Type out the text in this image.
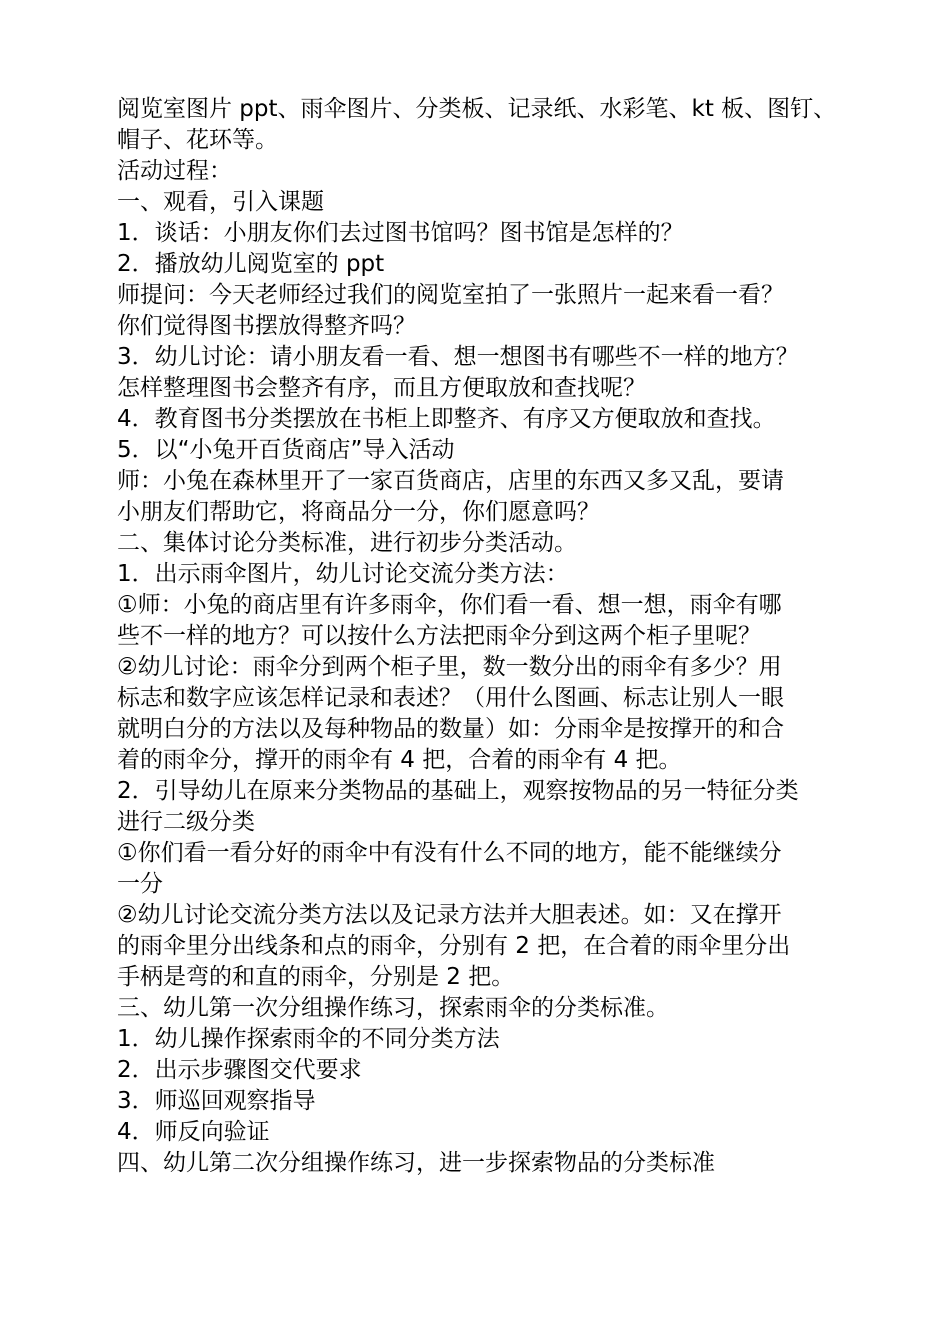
阅览室图片 ppt、雨伞图片、分类板、记录纸、水彩笔、kt 板、图钉、
帽子、花环等。
活动过程：
一、观看，引入课题
1．谈话：小朋友你们去过图书馆吗？图书馆是怎样的？
2．播放幼儿阅览室的 ppt
师提问：今天老师经过我们的阅览室拍了一张照片一起来看一看？
你们觉得图书摆放得整齐吗？
3．幼儿讨论：请小朋友看一看、想一想图书有哪些不一样的地方？
怎样整理图书会整齐有序，而且方便取放和查找呢？
4．教育图书分类摆放在书柜上即整齐、有序又方便取放和查找。
5．以“小兔开百货商店”导入活动
师：小兔在森林里开了一家百货商店，店里的东西又多又乱，要请
小朋友们帮助它，将商品分一分，你们愿意吗？
二、集体讨论分类标准，进行初步分类活动。
1．出示雨伞图片，幼儿讨论交流分类方法：
①师：小兔的商店里有许多雨伞，你们看一看、想一想，雨伞有哪
些不一样的地方？可以按什么方法把雨伞分到这两个柜子里呢？
②幼儿讨论：雨伞分到两个柜子里，数一数分出的雨伞有多少？用
标志和数字应该怎样记录和表述？（用什么图画、标志让别人一眼
就明白分的方法以及每种物品的数量）如：分雨伞是按撑开的和合
着的雨伞分，撑开的雨伞有 4 把，合着的雨伞有 4 把。
2．引导幼儿在原来分类物品的基础上，观察按物品的另一特征分类
进行二级分类
①你们看一看分好的雨伞中有没有什么不同的地方，能不能继续分
一分
②幼儿讨论交流分类方法以及记录方法并大胆表述。如：又在撑开
的雨伞里分出线条和点的雨伞，分别有 2 把，在合着的雨伞里分出
手柄是弯的和直的雨伞，分别是 2 把。
三、幼儿第一次分组操作练习，探索雨伞的分类标准。
1．幼儿操作探索雨伞的不同分类方法
2．出示步骤图交代要求
3．师巡回观察指导
4．师反向验证
四、幼儿第二次分组操作练习，进一步探索物品的分类标准
